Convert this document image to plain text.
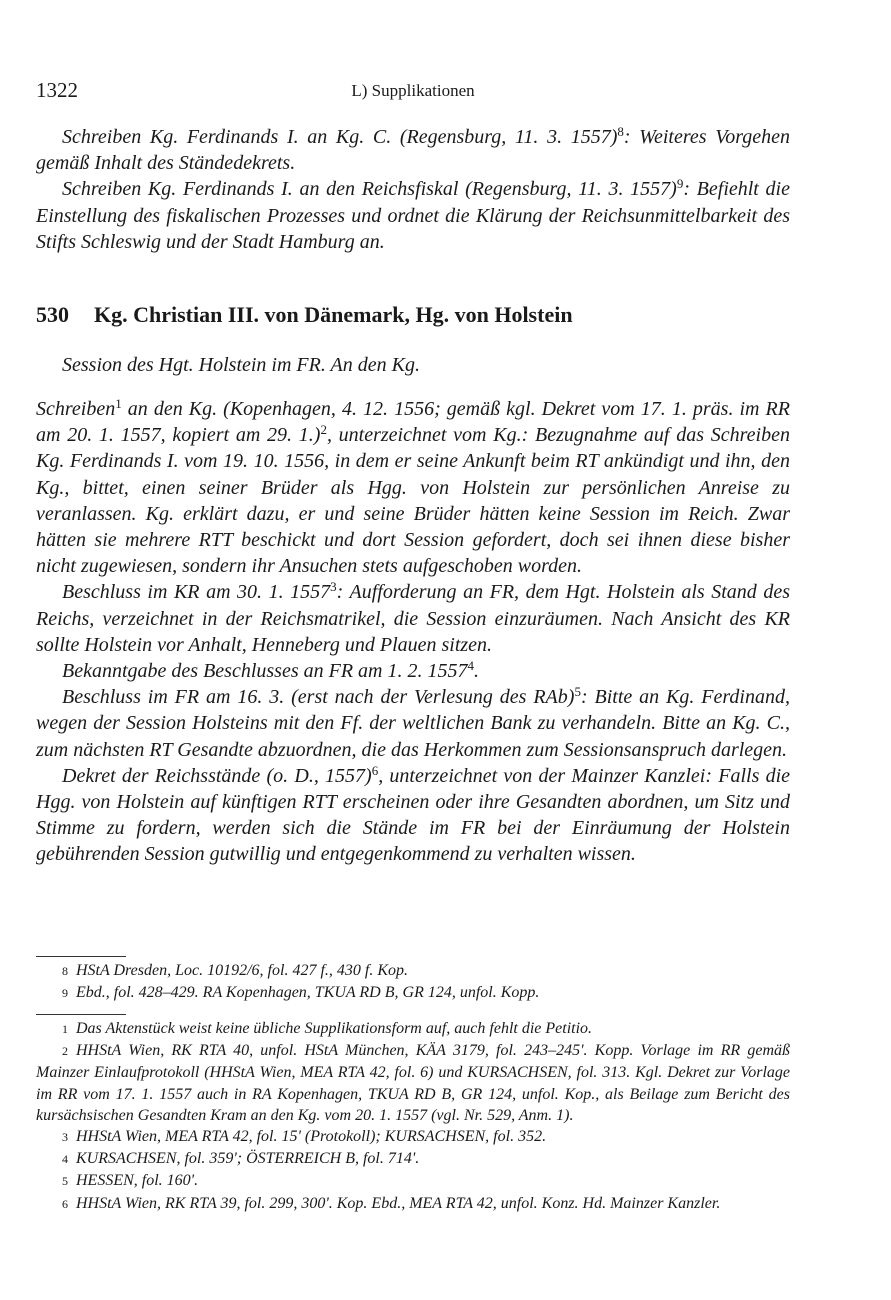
1322	L) Supplikationen

Schreiben Kg. Ferdinands I. an Kg. C. (Regensburg, 11. 3. 1557)$^8$: Weiteres Vorgehen gemäß Inhalt des Ständedekrets.

Schreiben Kg. Ferdinands I. an den Reichsfiskal (Regensburg, 11. 3. 1557)$^9$: Befiehlt die Einstellung des fiskalischen Prozesses und ordnet die Klärung der Reichsunmittelbarkeit des Stifts Schleswig und der Stadt Hamburg an.

530 Kg. Christian III. von Dänemark, Hg. von Holstein
Session des Hgt. Holstein im FR. An den Kg.

Schreiben$^1$ an den Kg. (Kopenhagen, 4. 12. 1556; gemäß kgl. Dekret vom 17. 1. präs. im RR am 20. 1. 1557, kopiert am 29. 1.)$^2$, unterzeichnet vom Kg.: Bezugnahme auf das Schreiben Kg. Ferdinands I. vom 19. 10. 1556, in dem er seine Ankunft beim RT ankündigt und ihn, den Kg., bittet, einen seiner Brüder als Hgg. von Holstein zur persönlichen Anreise zu veranlassen. Kg. erklärt dazu, er und seine Brüder hätten keine Session im Reich. Zwar hätten sie mehrere RTT beschickt und dort Session gefordert, doch sei ihnen diese bisher nicht zugewiesen, sondern ihr Ansuchen stets aufgeschoben worden.

Beschluss im KR am 30. 1. 1557$^3$: Aufforderung an FR, dem Hgt. Holstein als Stand des Reichs, verzeichnet in der Reichsmatrikel, die Session einzuräumen. Nach Ansicht des KR sollte Holstein vor Anhalt, Henneberg und Plauen sitzen.

Bekanntgabe des Beschlusses an FR am 1. 2. 1557$^4$.

Beschluss im FR am 16. 3. (erst nach der Verlesung des RAb)$^5$: Bitte an Kg. Ferdinand, wegen der Session Holsteins mit den Ff. der weltlichen Bank zu verhandeln. Bitte an Kg. C., zum nächsten RT Gesandte abzuordnen, die das Herkommen zum Sessionsanspruch darlegen.

Dekret der Reichsstände (o. D., 1557)$^6$, unterzeichnet von der Mainzer Kanzlei: Falls die Hgg. von Holstein auf künftigen RTT erscheinen oder ihre Gesandten abordnen, um Sitz und Stimme zu fordern, werden sich die Stände im FR bei der Einräumung der Holstein gebührenden Session gutwillig und entgegenkommend zu verhalten wissen.

8 HStA Dresden, Loc. 10192/6, fol. 427 f., 430 f. Kop.

9 Ebd., fol. 428–429. RA Kopenhagen, TKUA RD B, GR 124, unfol. Kopp.

1 Das Aktenstück weist keine übliche Supplikationsform auf, auch fehlt die Petitio.

2 HHStA Wien, RK RTA 40, unfol. HStA München, KÄA 3179, fol. 243–245'. Kopp. Vorlage im RR gemäß Mainzer Einlaufprotokoll (HHStA Wien, MEA RTA 42, fol. 6) und KURSACHSEN, fol. 313. Kgl. Dekret zur Vorlage im RR vom 17. 1. 1557 auch in RA Kopenhagen, TKUA RD B, GR 124, unfol. Kop., als Beilage zum Bericht des kursächsischen Gesandten Kram an den Kg. vom 20. 1. 1557 (vgl. Nr. 529, Anm. 1).

3 HHStA Wien, MEA RTA 42, fol. 15' (Protokoll); KURSACHSEN, fol. 352.

4 KURSACHSEN, fol. 359'; ÖSTERREICH B, fol. 714'.

5 HESSEN, fol. 160'.

6 HHStA Wien, RK RTA 39, fol. 299, 300'. Kop. Ebd., MEA RTA 42, unfol. Konz. Hd. Mainzer Kanzler.
